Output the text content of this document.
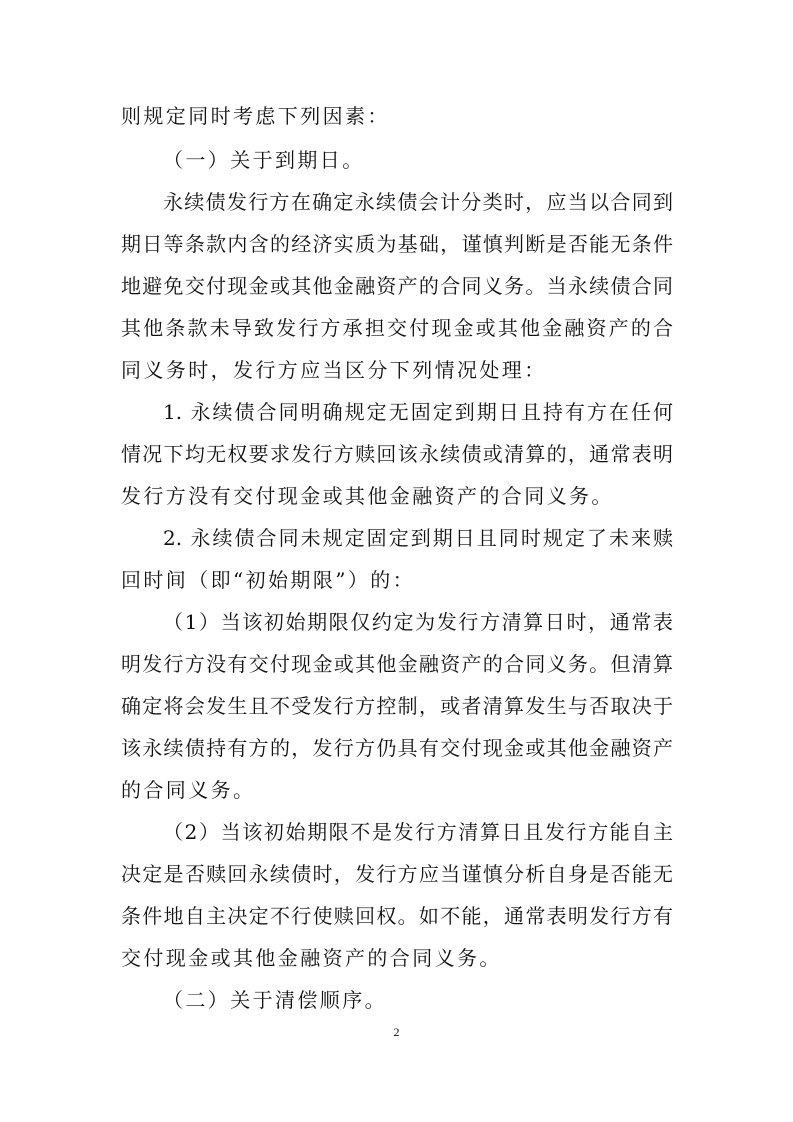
则规定同时考虑下列因素：
（一）关于到期日。
永续债发行方在确定永续债会计分类时，应当以合同到
期日等条款内含的经济实质为基础，谨慎判断是否能无条件
地避免交付现金或其他金融资产的合同义务。当永续债合同
其他条款未导致发行方承担交付现金或其他金融资产的合
同义务时，发行方应当区分下列情况处理：
1. 永续债合同明确规定无固定到期日且持有方在任何
情况下均无权要求发行方赎回该永续债或清算的，通常表明
发行方没有交付现金或其他金融资产的合同义务。
2. 永续债合同未规定固定到期日且同时规定了未来赎
回时间（即“初始期限”）的：
（1）当该初始期限仅约定为发行方清算日时，通常表
明发行方没有交付现金或其他金融资产的合同义务。但清算
确定将会发生且不受发行方控制，或者清算发生与否取决于
该永续债持有方的，发行方仍具有交付现金或其他金融资产
的合同义务。
（2）当该初始期限不是发行方清算日且发行方能自主
决定是否赎回永续债时，发行方应当谨慎分析自身是否能无
条件地自主决定不行使赎回权。如不能，通常表明发行方有
交付现金或其他金融资产的合同义务。
（二）关于清偿顺序。
2
